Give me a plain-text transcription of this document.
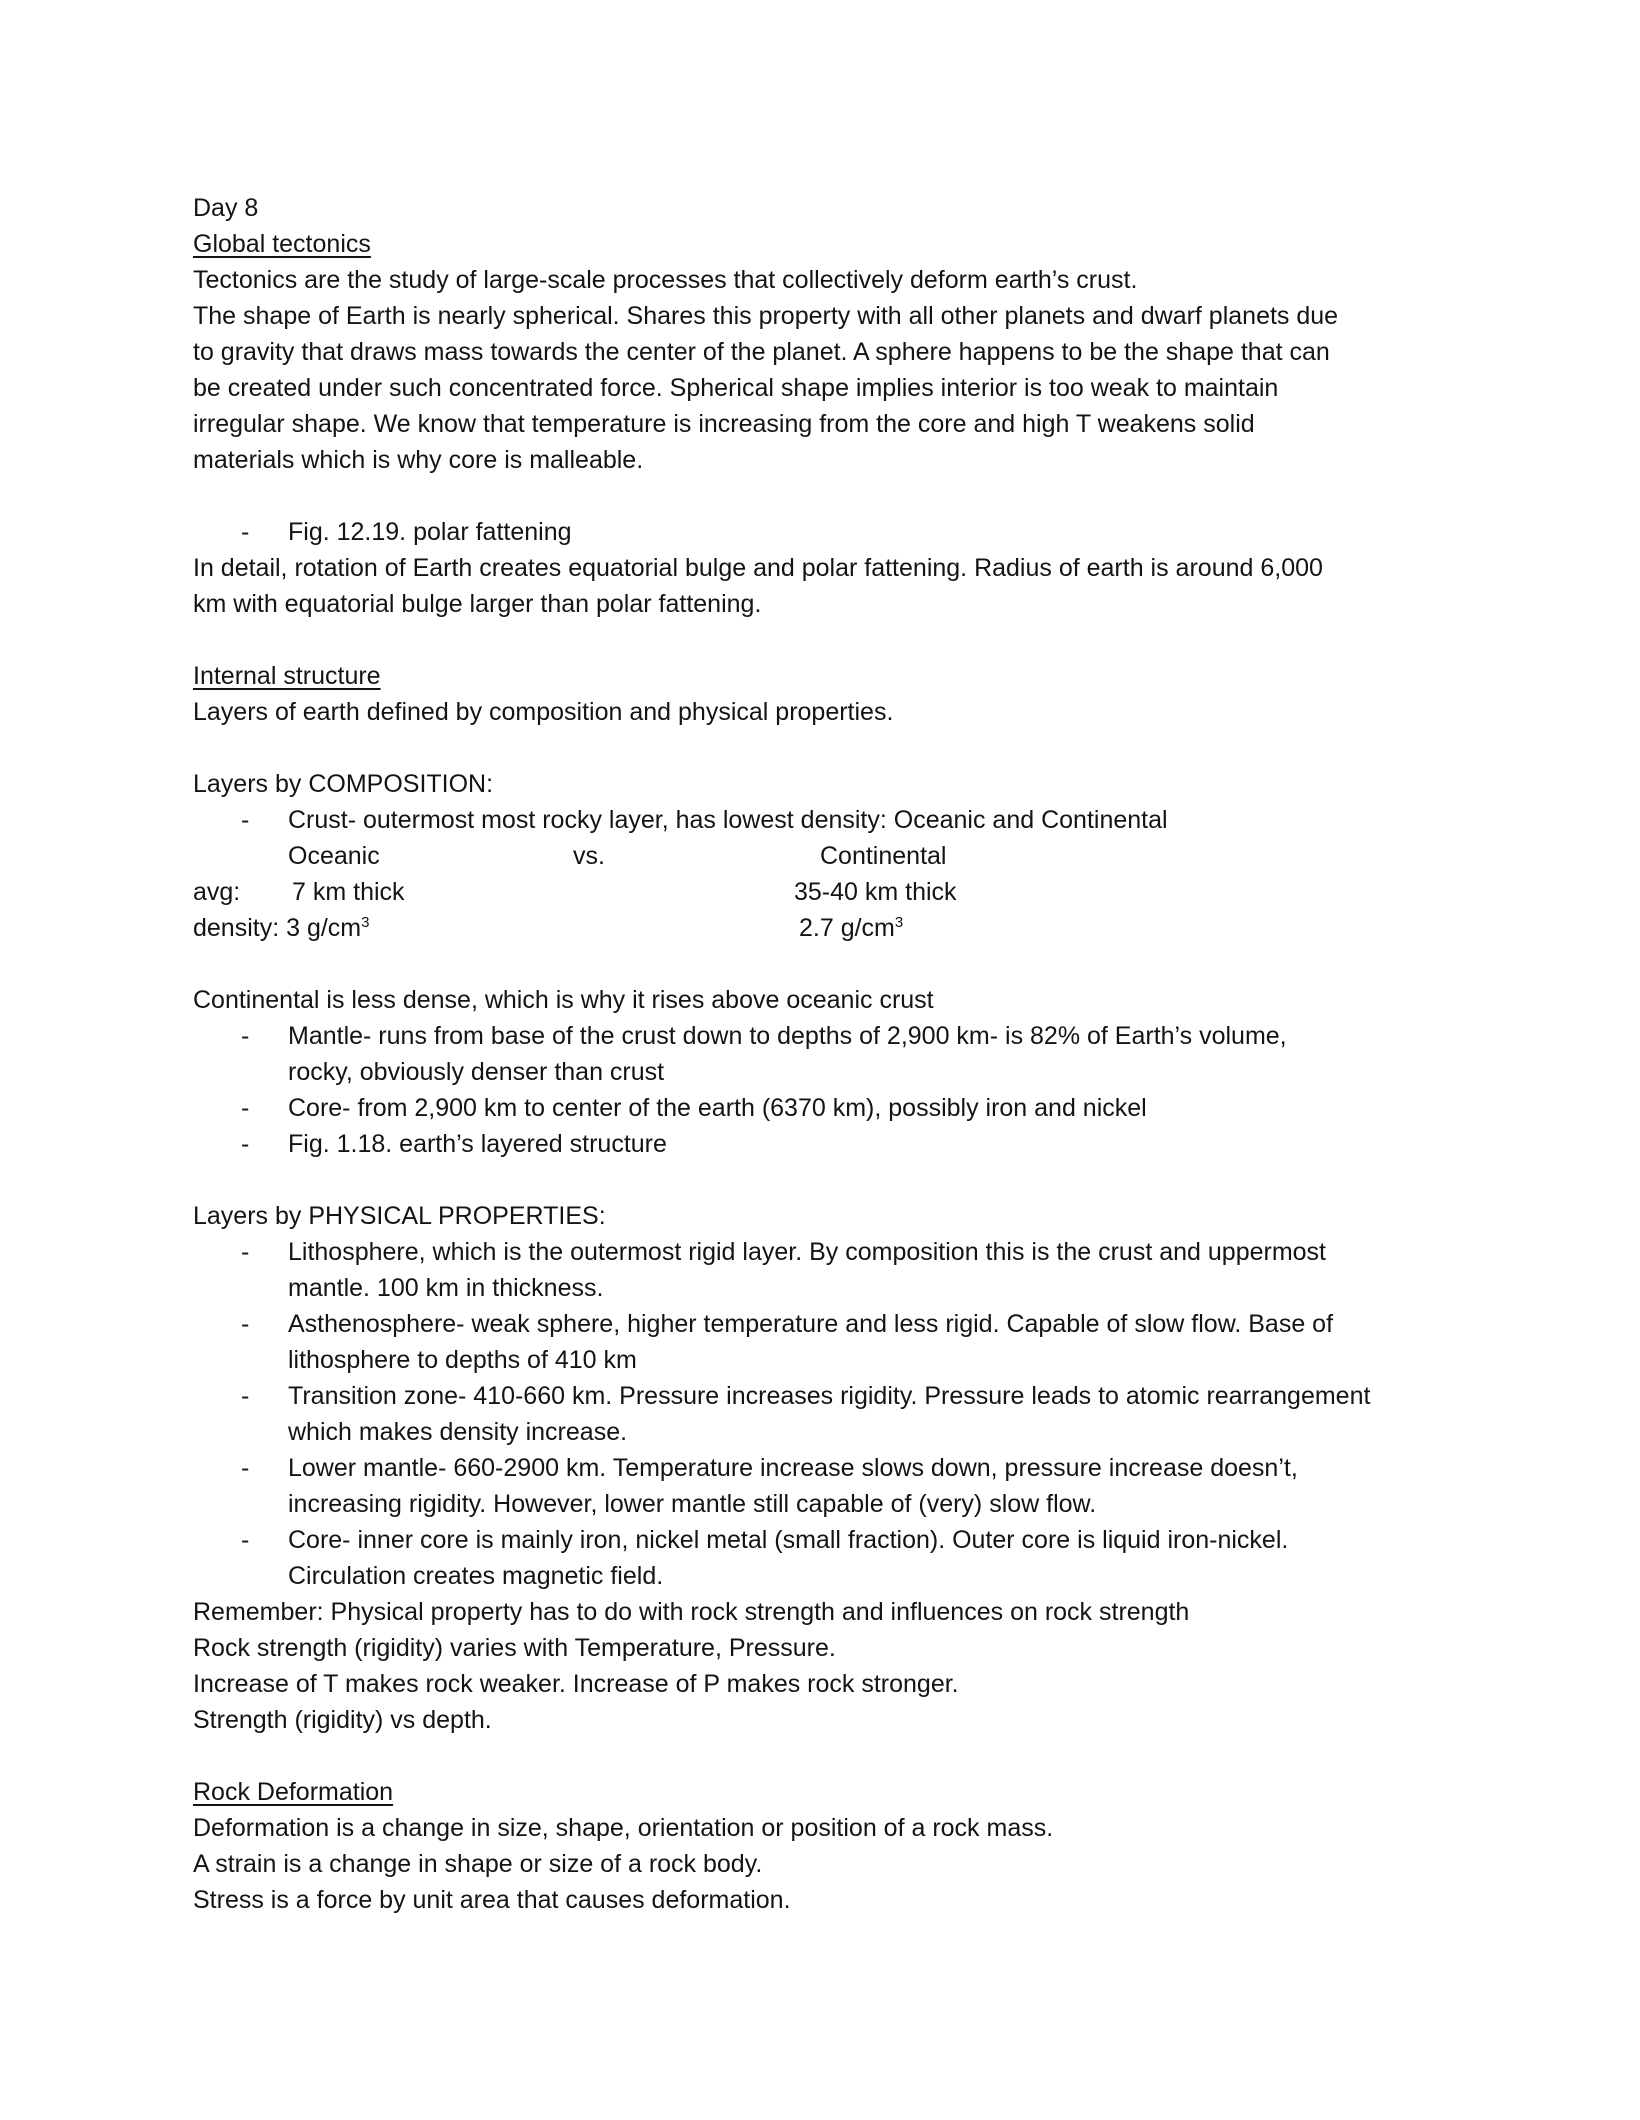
Day 8
Global tectonics
Tectonics are the study of large-scale processes that collectively deform earth’s crust.
The shape of Earth is nearly spherical. Shares this property with all other planets and dwarf planets due
to gravity that draws mass towards the center of the planet. A sphere happens to be the shape that can
be created under such concentrated force. Spherical shape implies interior is too weak to maintain
irregular shape. We know that temperature is increasing from the core and high T weakens solid
materials which is why core is malleable.
-	Fig. 12.19. polar fattening
In detail, rotation of Earth creates equatorial bulge and polar fattening. Radius of earth is around 6,000
km with equatorial bulge larger than polar fattening.
Internal structure
Layers of earth defined by composition and physical properties.
Layers by COMPOSITION:
-	Crust- outermost most rocky layer, has lowest density: Oceanic and Continental
Oceanic	vs.	Continental
avg: 7 km thick	35-40 km thick
density: 3 $g/cm^3$	2.7 $g/cm^3$
Continental is less dense, which is why it rises above oceanic crust
-	Mantle- runs from base of the crust down to depths of 2,900 km- is 82% of Earth’s volume,
rocky, obviously denser than crust
-	Core- from 2,900 km to center of the earth (6370 km), possibly iron and nickel
-	Fig. 1.18. earth’s layered structure
Layers by PHYSICAL PROPERTIES:
-	Lithosphere, which is the outermost rigid layer. By composition this is the crust and uppermost
mantle. 100 km in thickness.
-	Asthenosphere- weak sphere, higher temperature and less rigid. Capable of slow flow. Base of
lithosphere to depths of 410 km
-	Transition zone- 410-660 km. Pressure increases rigidity. Pressure leads to atomic rearrangement
which makes density increase.
-	Lower mantle- 660-2900 km. Temperature increase slows down, pressure increase doesn’t,
increasing rigidity. However, lower mantle still capable of (very) slow flow.
-	Core- inner core is mainly iron, nickel metal (small fraction). Outer core is liquid iron-nickel.
Circulation creates magnetic field.
Remember: Physical property has to do with rock strength and influences on rock strength
Rock strength (rigidity) varies with Temperature, Pressure.
Increase of T makes rock weaker. Increase of P makes rock stronger.
Strength (rigidity) vs depth.
Rock Deformation
Deformation is a change in size, shape, orientation or position of a rock mass.
A strain is a change in shape or size of a rock body.
Stress is a force by unit area that causes deformation.
